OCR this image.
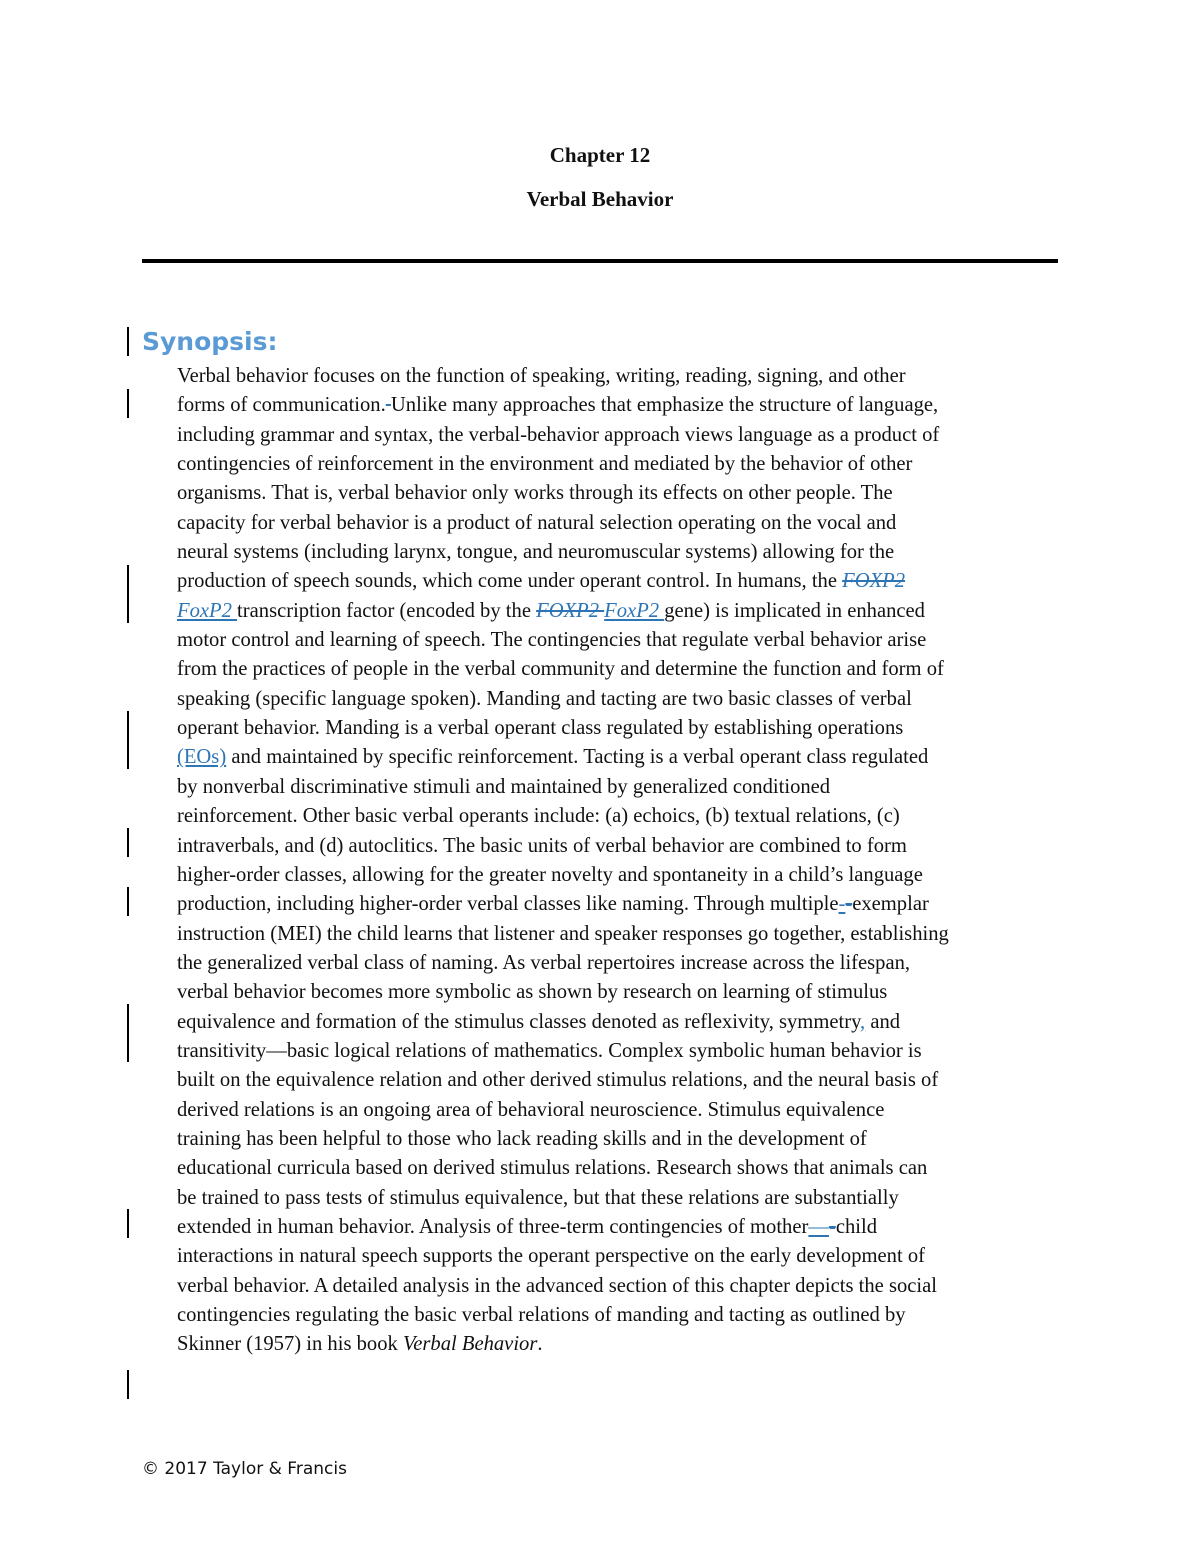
Chapter 12
Verbal Behavior
Synopsis:
Verbal behavior focuses on the function of speaking, writing, reading, signing, and other
forms of communication. Unlike many approaches that emphasize the structure of language,
including grammar and syntax, the verbal-behavior approach views language as a product of
contingencies of reinforcement in the environment and mediated by the behavior of other
organisms. That is, verbal behavior only works through its effects on other people. The
capacity for verbal behavior is a product of natural selection operating on the vocal and
neural systems (including larynx, tongue, and neuromuscular systems) allowing for the
production of speech sounds, which come under operant control. In humans, the FOXP2
FoxP2 transcription factor (encoded by the FOXP2 FoxP2 gene) is implicated in enhanced
motor control and learning of speech. The contingencies that regulate verbal behavior arise
from the practices of people in the verbal community and determine the function and form of
speaking (specific language spoken). Manding and tacting are two basic classes of verbal
operant behavior. Manding is a verbal operant class regulated by establishing operations
(EOs) and maintained by specific reinforcement. Tacting is a verbal operant class regulated
by nonverbal discriminative stimuli and maintained by generalized conditioned
reinforcement. Other basic verbal operants include: (a) echoics, (b) textual relations, (c)
intraverbals, and (d) autoclitics. The basic units of verbal behavior are combined to form
higher-order classes, allowing for the greater novelty and spontaneity in a child’s language
production, including higher-order verbal classes like naming. Through multiple--exemplar
instruction (MEI) the child learns that listener and speaker responses go together, establishing
the generalized verbal class of naming. As verbal repertoires increase across the lifespan,
verbal behavior becomes more symbolic as shown by research on learning of stimulus
equivalence and formation of the stimulus classes denoted as reflexivity, symmetry, and
transitivity—basic logical relations of mathematics. Complex symbolic human behavior is
built on the equivalence relation and other derived stimulus relations, and the neural basis of
derived relations is an ongoing area of behavioral neuroscience. Stimulus equivalence
training has been helpful to those who lack reading skills and in the development of
educational curricula based on derived stimulus relations. Research shows that animals can
be trained to pass tests of stimulus equivalence, but that these relations are substantially
extended in human behavior. Analysis of three-term contingencies of mother—-child
interactions in natural speech supports the operant perspective on the early development of
verbal behavior. A detailed analysis in the advanced section of this chapter depicts the social
contingencies regulating the basic verbal relations of manding and tacting as outlined by
Skinner (1957) in his book Verbal Behavior.
© 2017 Taylor & Francis
